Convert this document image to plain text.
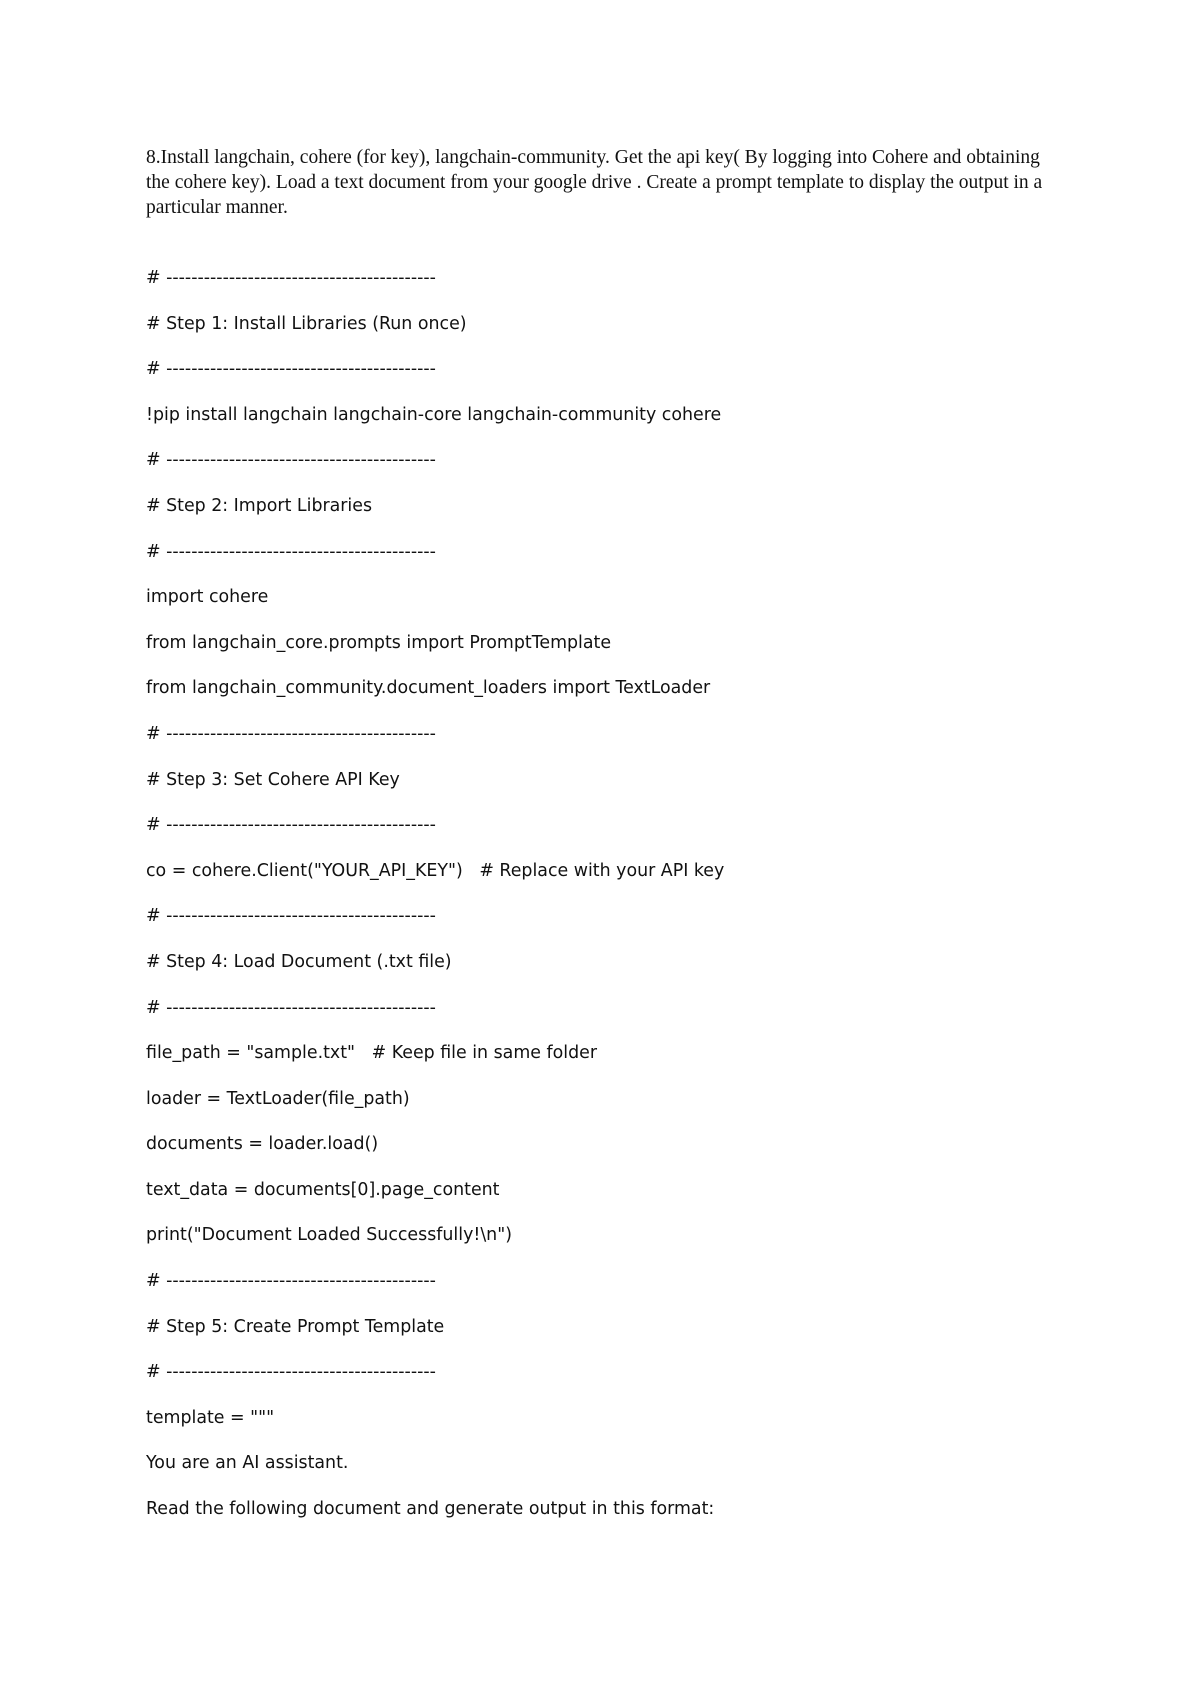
8.Install langchain, cohere (for key), langchain-community. Get the api key( By logging into Cohere and obtaining the cohere key). Load a text document from your google drive . Create a prompt template to display the output in a particular manner.

# -------------------------------------------
# Step 1: Install Libraries (Run once)
# -------------------------------------------
!pip install langchain langchain-core langchain-community cohere
# -------------------------------------------
# Step 2: Import Libraries
# -------------------------------------------
import cohere
from langchain_core.prompts import PromptTemplate
from langchain_community.document_loaders import TextLoader
# -------------------------------------------
# Step 3: Set Cohere API Key
# -------------------------------------------
co = cohere.Client("YOUR_API_KEY")   # Replace with your API key
# -------------------------------------------
# Step 4: Load Document (.txt file)
# -------------------------------------------
file_path = "sample.txt"   # Keep file in same folder
loader = TextLoader(file_path)
documents = loader.load()
text_data = documents[0].page_content
print("Document Loaded Successfully!\n")
# -------------------------------------------
# Step 5: Create Prompt Template
# -------------------------------------------
template = """
You are an AI assistant.
Read the following document and generate output in this format:
